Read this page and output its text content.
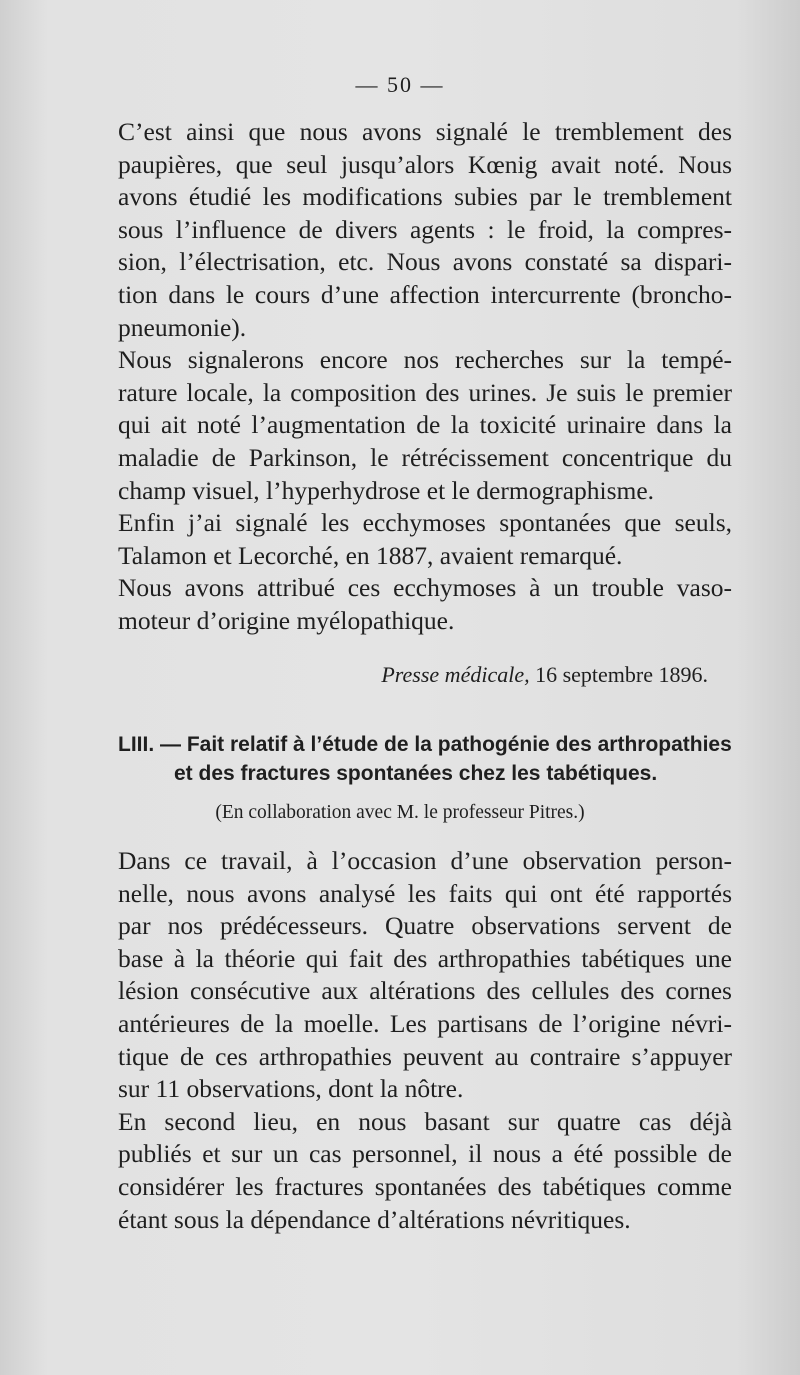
— 50 —

C’est ainsi que nous avons signalé le tremblement des
paupières, que seul jusqu’alors Kœnig avait noté. Nous
avons étudié les modifications subies par le tremblement
sous l’influence de divers agents : le froid, la compres-
sion, l’électrisation, etc. Nous avons constaté sa dispari-
tion dans le cours d’une affection intercurrente (broncho-
pneumonie).

Nous signalerons encore nos recherches sur la tempé-
rature locale, la composition des urines. Je suis le premier
qui ait noté l’augmentation de la toxicité urinaire dans la
maladie de Parkinson, le rétrécissement concentrique du
champ visuel, l’hyperhydrose et le dermographisme.

Enfin j’ai signalé les ecchymoses spontanées que seuls,
Talamon et Lecorché, en 1887, avaient remarqué.

Nous avons attribué ces ecchymoses à un trouble vaso-
moteur d’origine myélopathique.

Presse médicale, 16 septembre 1896.
LIII. — Fait relatif à l’étude de la pathogénie des arthropathies
et des fractures spontanées chez les tabétiques.
(En collaboration avec M. le professeur Pitres.)

Dans ce travail, à l’occasion d’une observation person-
nelle, nous avons analysé les faits qui ont été rapportés
par nos prédécesseurs. Quatre observations servent de
base à la théorie qui fait des arthropathies tabétiques une
lésion consécutive aux altérations des cellules des cornes
antérieures de la moelle. Les partisans de l’origine névri-
tique de ces arthropathies peuvent au contraire s’appuyer
sur 11 observations, dont la nôtre.

En second lieu, en nous basant sur quatre cas déjà
publiés et sur un cas personnel, il nous a été possible de
considérer les fractures spontanées des tabétiques comme
étant sous la dépendance d’altérations névritiques.
